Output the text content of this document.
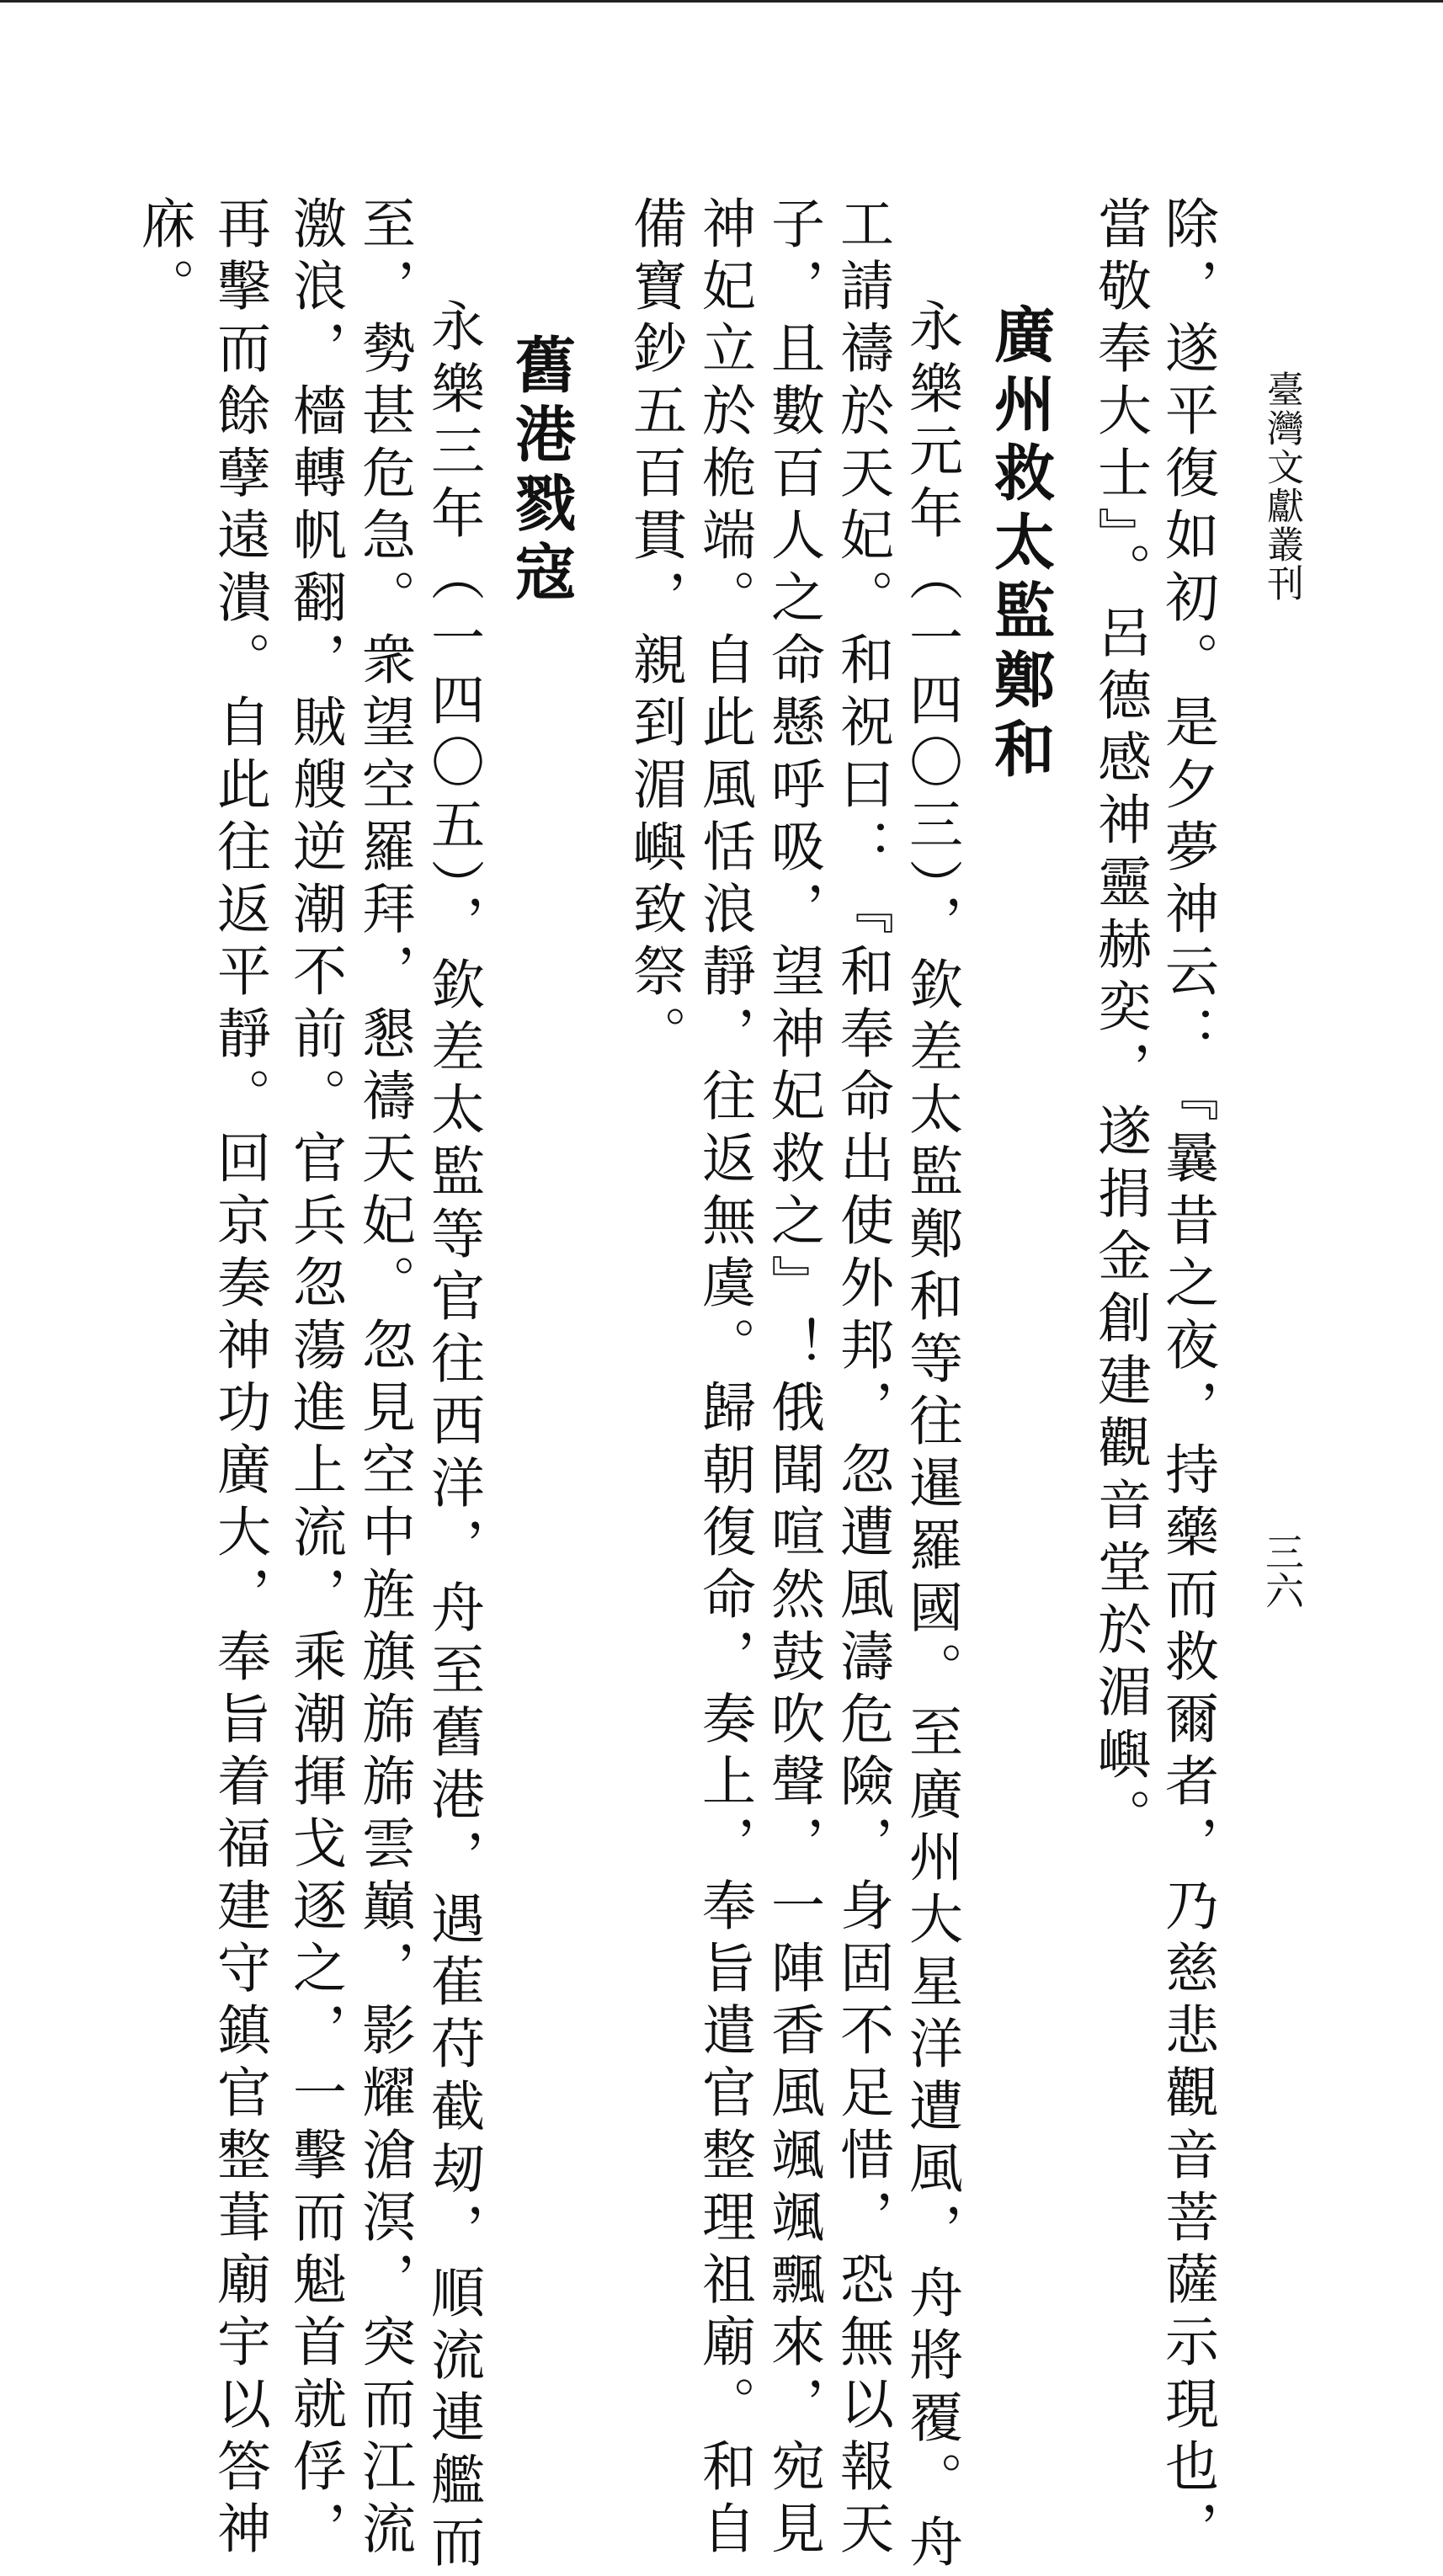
臺灣文獻叢刊
三六
除，遂平復如初。是夕夢神云：『曩昔之夜，持藥而救爾者，乃慈悲觀音菩薩示現也，
當敬奉大士』。呂德感神靈赫奕，遂捐金創建觀音堂於湄嶼。
廣州救太監鄭和
永樂元年（一四〇三），欽差太監鄭和等往暹羅國。至廣州大星洋遭風，舟將覆。舟
工請禱於天妃。和祝曰：『和奉命出使外邦，忽遭風濤危險，身固不足惜，恐無以報天
子，且數百人之命懸呼吸，望神妃救之』！俄聞喧然鼓吹聲，一陣香風颯颯飄來，宛見
神妃立於桅端。自此風恬浪靜，往返無虞。歸朝復命，奏上，奉旨遣官整理祖廟。和自
備寶鈔五百貫，親到湄嶼致祭。
舊港戮寇
永樂三年（一四〇五），欽差太監等官往西洋，舟至舊港，遇萑苻截刼，順流連艦而
至，勢甚危急。衆望空羅拜，懇禱天妃。忽見空中旌旗旆旆雲巔，影耀滄溟，突而江流
激浪，檣轉帆翻，賊艘逆潮不前。官兵忽蕩進上流，乘潮揮戈逐之，一擊而魁首就俘，
再擊而餘孽遠潰。自此往返平靜。回京奏神功廣大，奉旨着福建守鎮官整葺廟宇以答神
庥。
